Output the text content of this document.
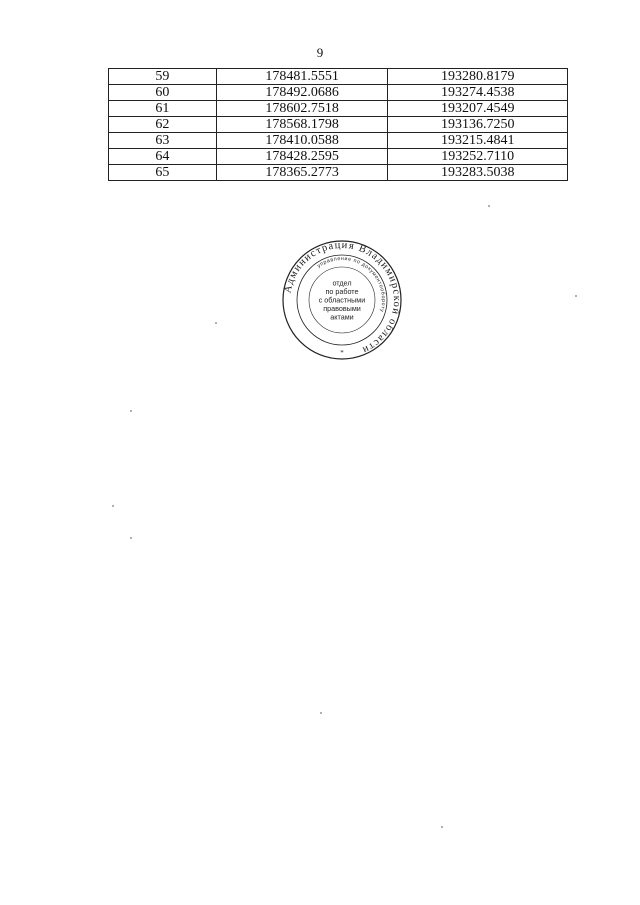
9
59	178481.5551	193280.8179
60	178492.0686	193274.4538
61	178602.7518	193207.4549
62	178568.1798	193136.7250
63	178410.0588	193215.4841
64	178428.2595	193252.7110
65	178365.2773	193283.5038
Администрация Владимирской области
управление по документообороту
отдел
по работе
с областными
правовыми
актами
*
